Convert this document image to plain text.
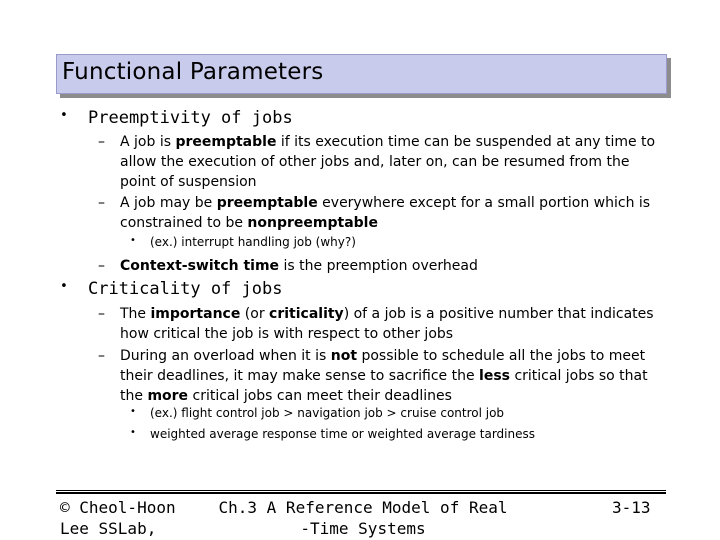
Functional Parameters
• Preemptivity of jobs
– A job is preemptable if its execution time can be suspended at any time to allow the execution of other jobs and, later on, can be resumed from the point of suspension
– A job may be preemptable everywhere except for a small portion which is constrained to be nonpreemptable
• (ex.) interrupt handling job (why?)
– Context-switch time is the preemption overhead
• Criticality of jobs
– The importance (or criticality) of a job is a positive number that indicates how critical the job is with respect to other jobs
– During an overload when it is not possible to schedule all the jobs to meet their deadlines, it may make sense to sacrifice the less critical jobs so that the more critical jobs can meet their deadlines
• (ex.) flight control job > navigation job > cruise control job
• weighted average response time or weighted average tardiness
© Cheol-Hoon
Lee SSLab,
Ch.3 A Reference Model of Real
-Time Systems
3-13
